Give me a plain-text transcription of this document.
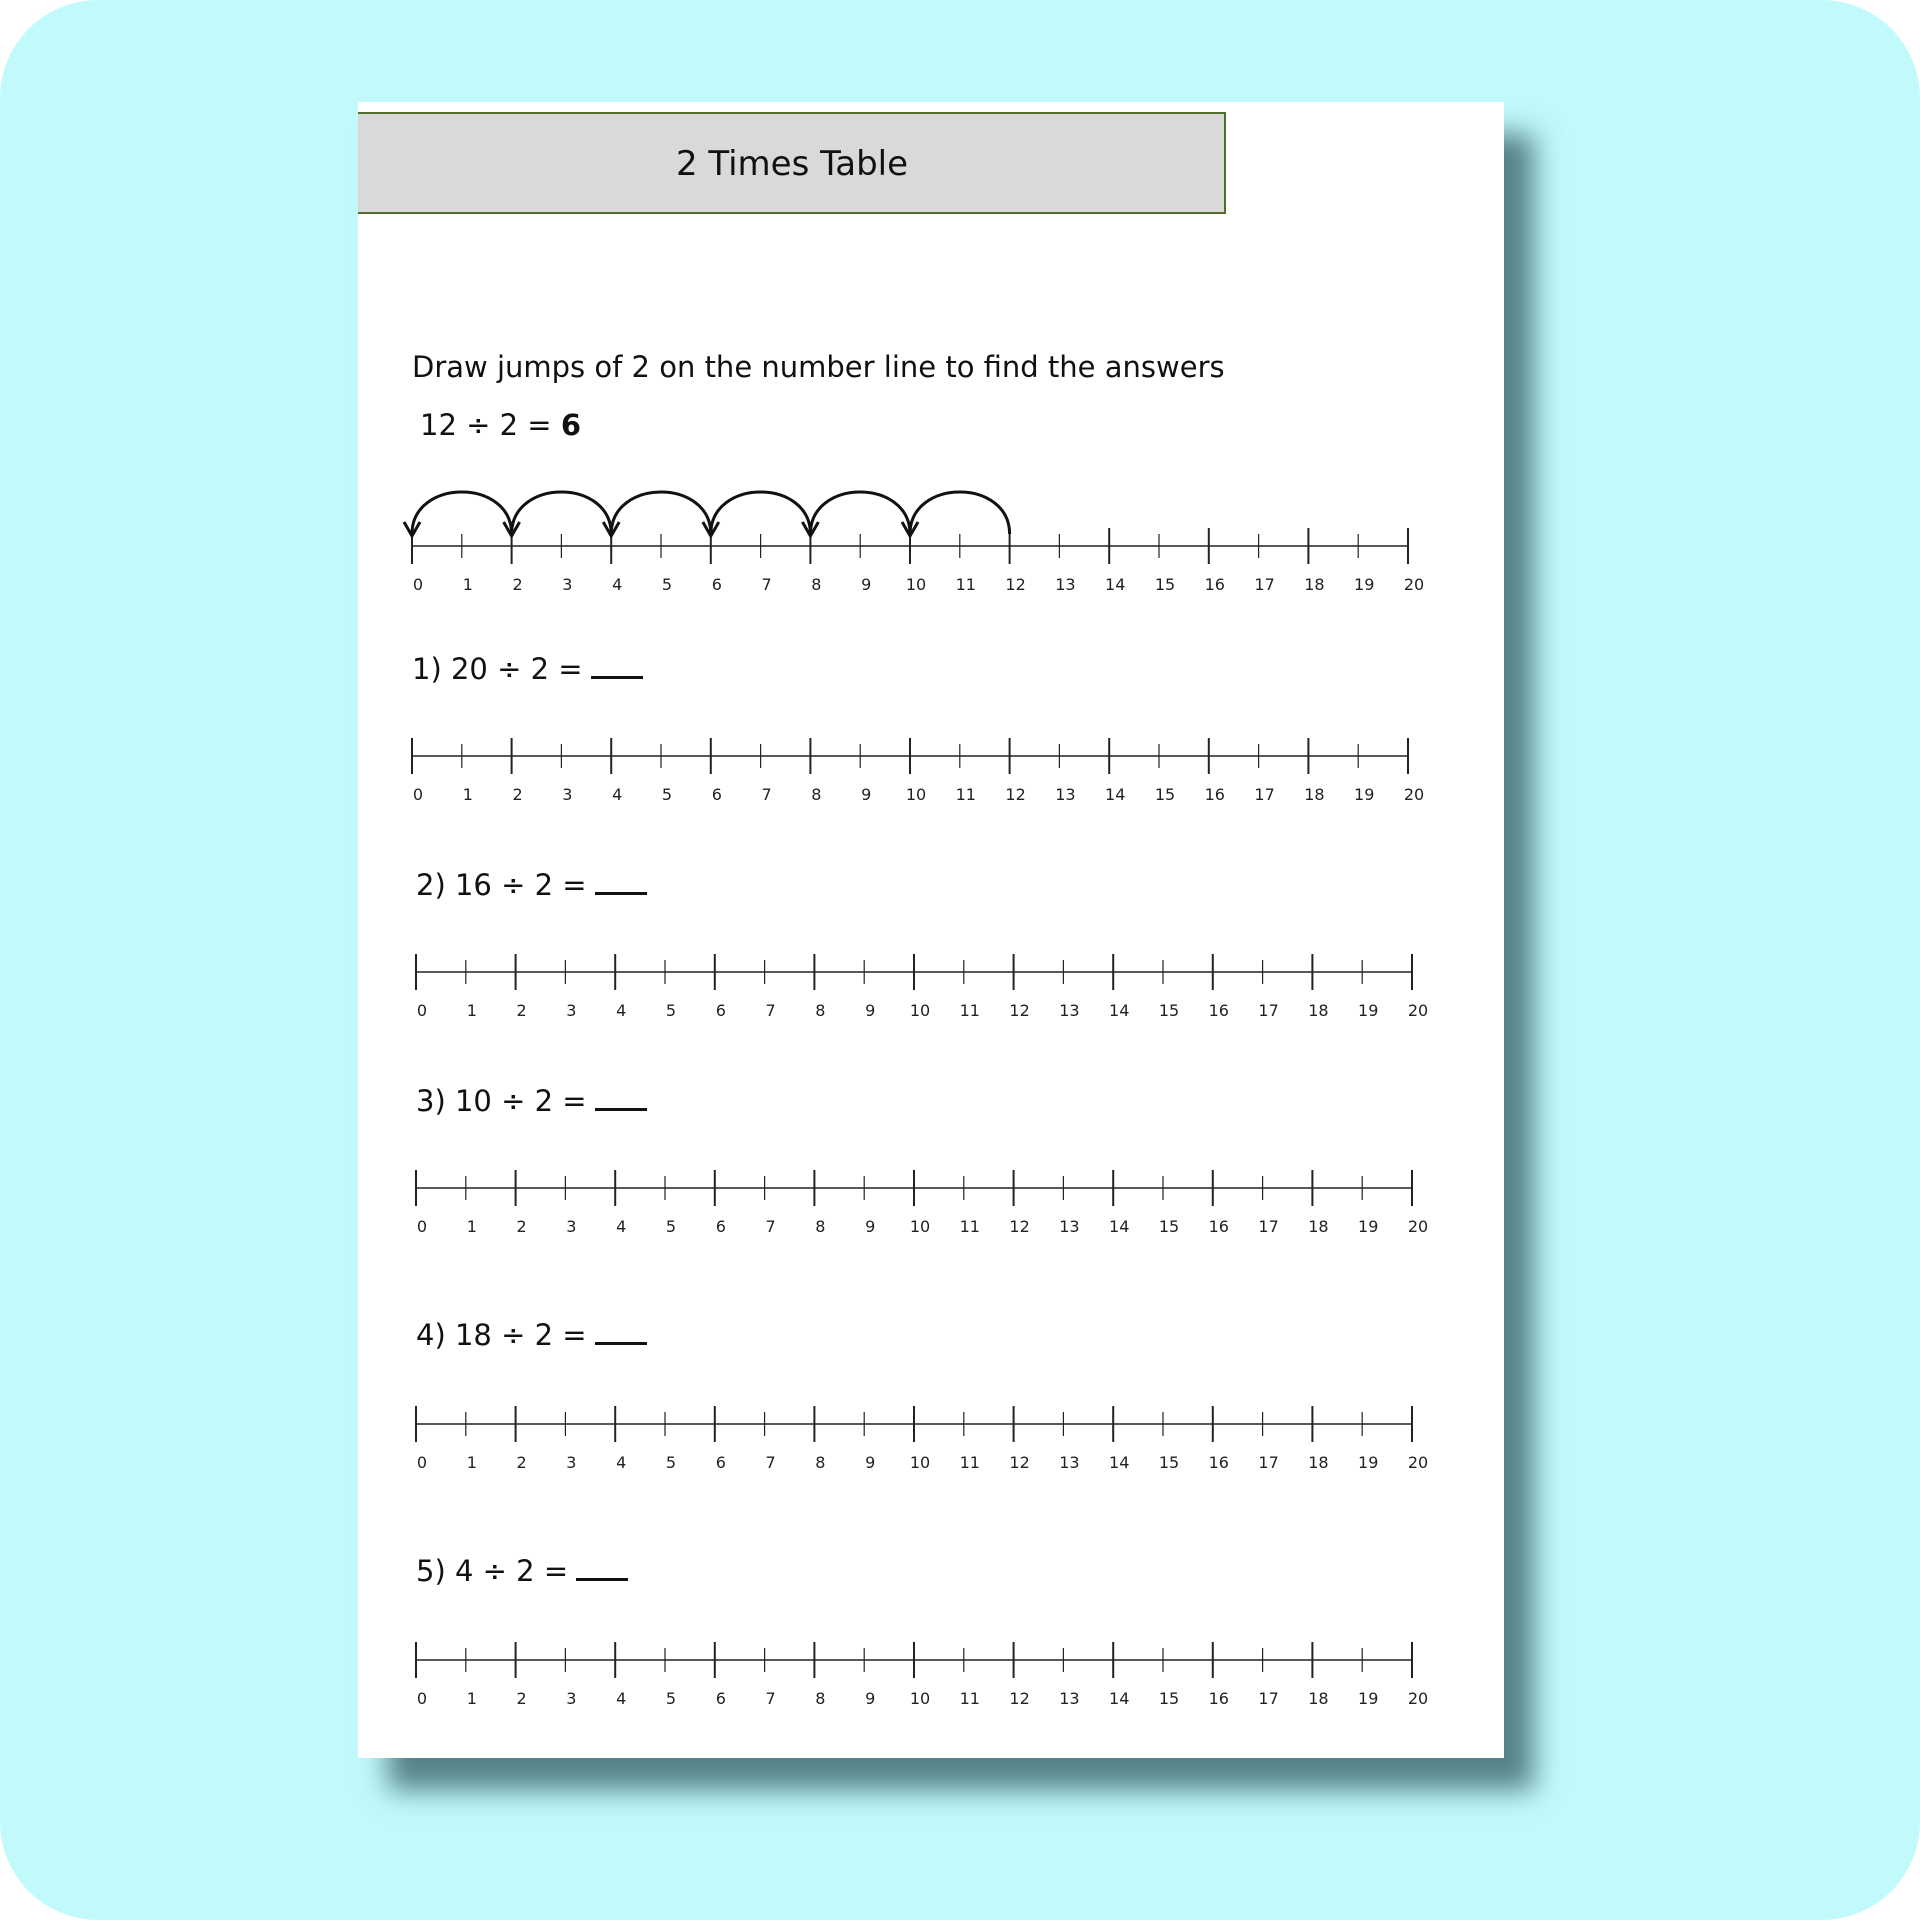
2 Times Table
Draw jumps of 2 on the number line to find the answers
12 ÷ 2 = 6
0 1 2 3 4 5 6 7 8 9 10 11 12 13 14 15 16 17 18 19 20
1) 20 ÷ 2 =
0 1 2 3 4 5 6 7 8 9 10 11 12 13 14 15 16 17 18 19 20
2) 16 ÷ 2 =
0 1 2 3 4 5 6 7 8 9 10 11 12 13 14 15 16 17 18 19 20
3) 10 ÷ 2 =
0 1 2 3 4 5 6 7 8 9 10 11 12 13 14 15 16 17 18 19 20
4) 18 ÷ 2 =
0 1 2 3 4 5 6 7 8 9 10 11 12 13 14 15 16 17 18 19 20
5) 4 ÷ 2 =
0 1 2 3 4 5 6 7 8 9 10 11 12 13 14 15 16 17 18 19 20
